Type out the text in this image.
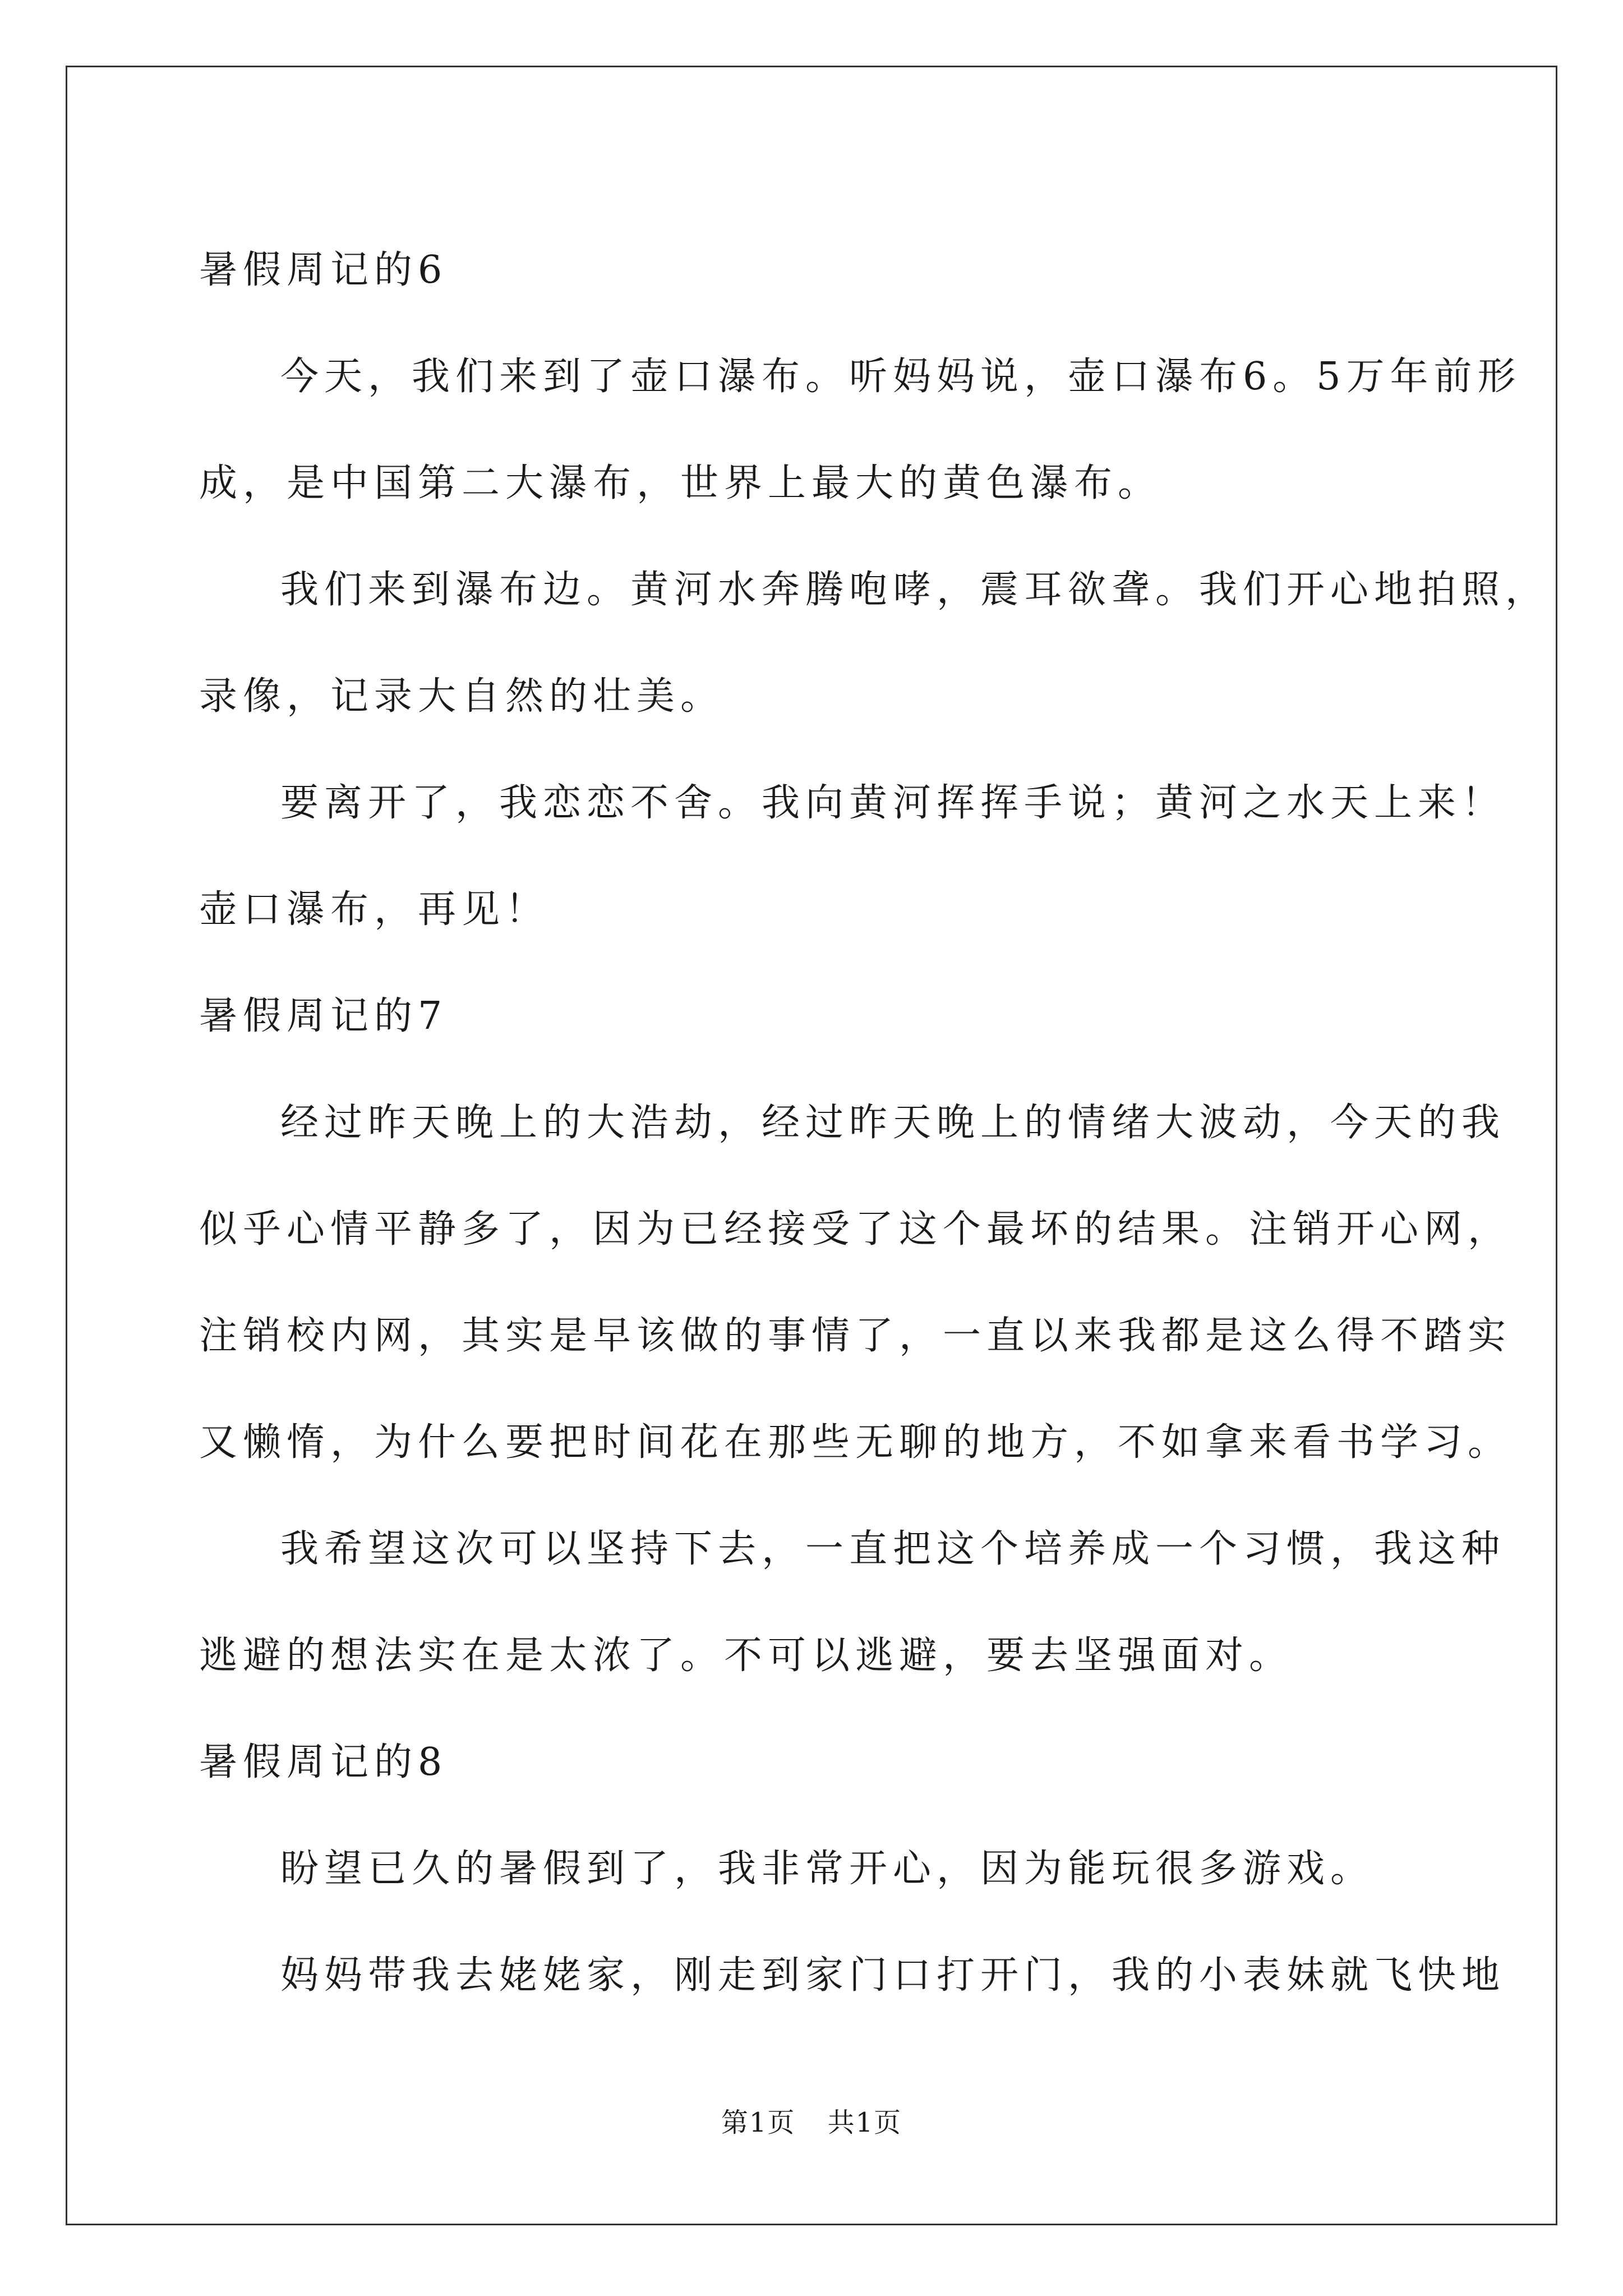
暑假周记的6
今天，我们来到了壶口瀑布。听妈妈说，壶口瀑布6。5万年前形
成，是中国第二大瀑布，世界上最大的黄色瀑布。
我们来到瀑布边。黄河水奔腾咆哮，震耳欲聋。我们开心地拍照，
录像，记录大自然的壮美。
要离开了，我恋恋不舍。我向黄河挥挥手说；黄河之水天上来！
壶口瀑布，再见！
暑假周记的7
经过昨天晚上的大浩劫，经过昨天晚上的情绪大波动，今天的我
似乎心情平静多了，因为已经接受了这个最坏的结果。注销开心网，
注销校内网，其实是早该做的事情了，一直以来我都是这么得不踏实
又懒惰，为什么要把时间花在那些无聊的地方，不如拿来看书学习。
我希望这次可以坚持下去，一直把这个培养成一个习惯，我这种
逃避的想法实在是太浓了。不可以逃避，要去坚强面对。
暑假周记的8
盼望已久的暑假到了，我非常开心，因为能玩很多游戏。
妈妈带我去姥姥家，刚走到家门口打开门，我的小表妹就飞快地
第1页 共1页
